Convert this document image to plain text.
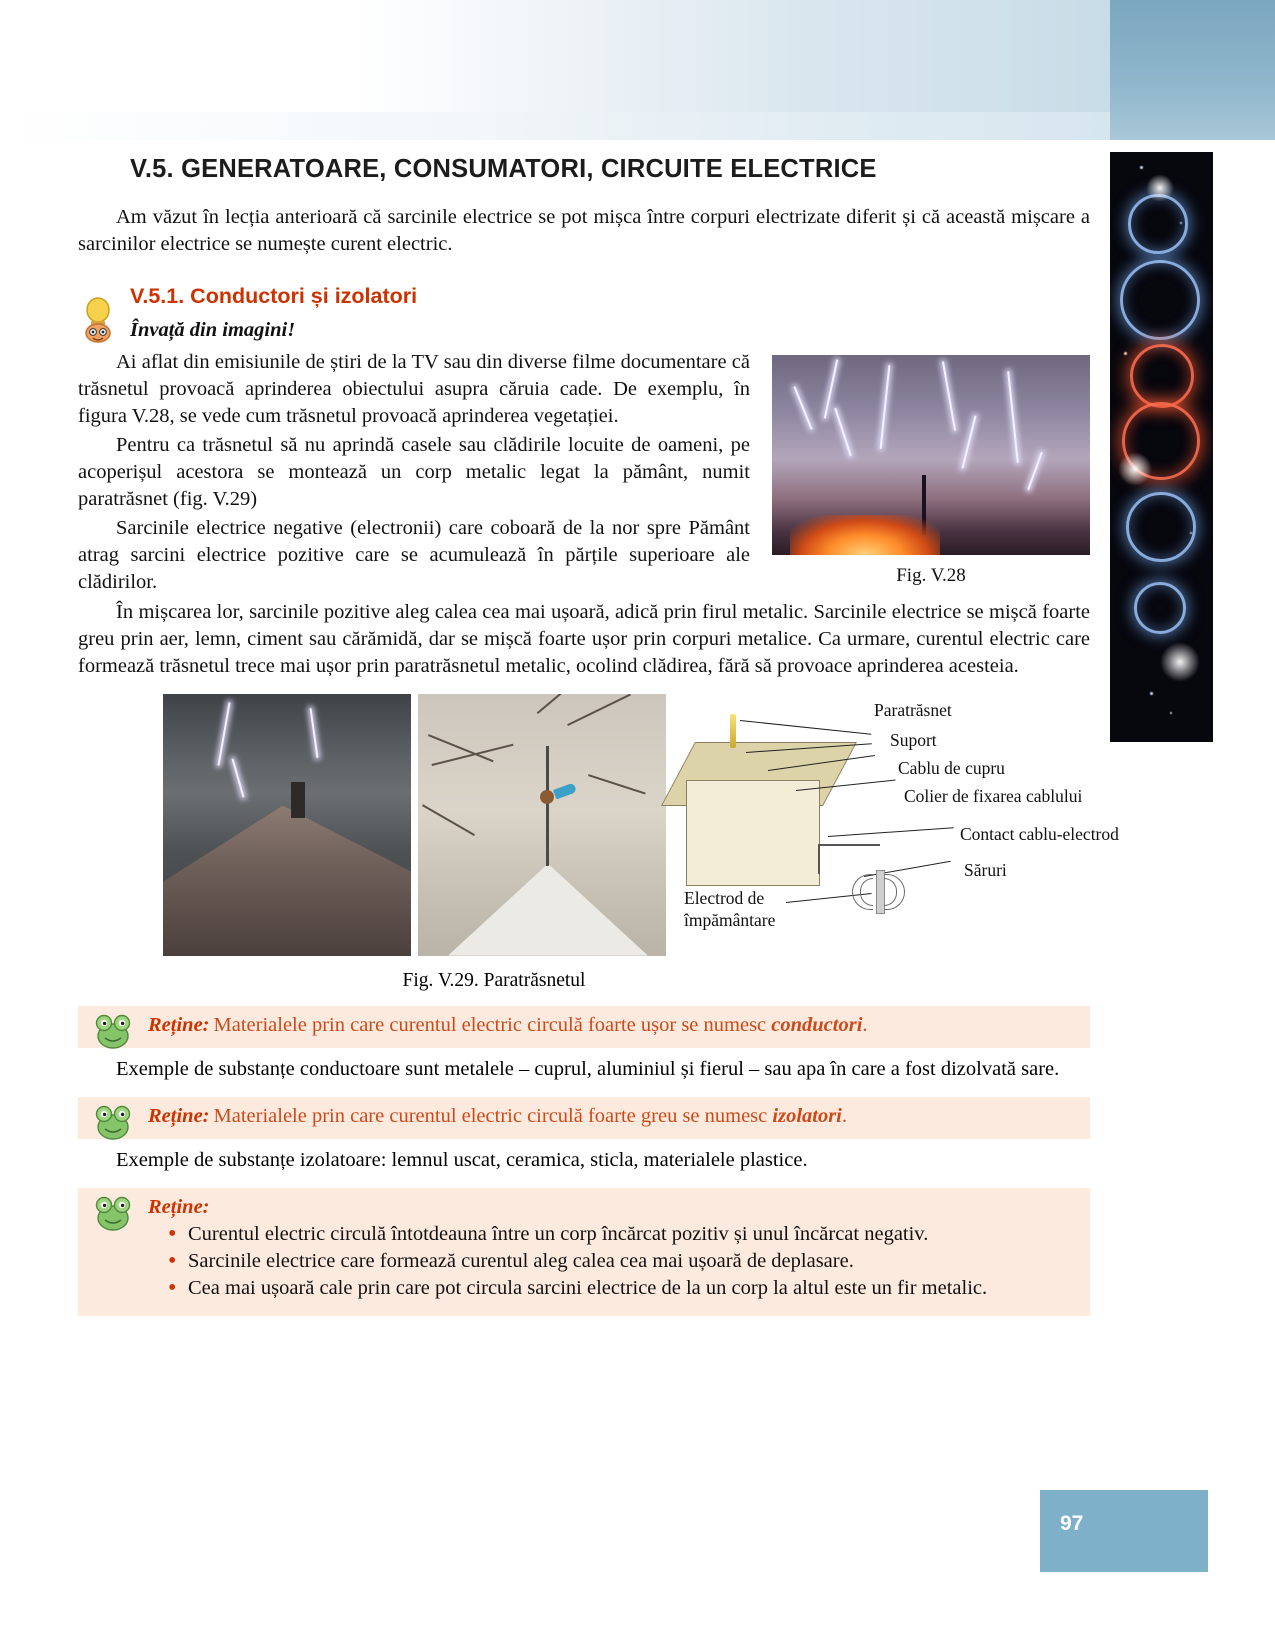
V.5. GENERATOARE, CONSUMATORI, CIRCUITE ELECTRICE

Am văzut în lecția anterioară că sarcinile electrice se pot mișca între corpuri electrizate diferit și că această mișcare a sarcinilor electrice se numește curent electric.

V.5.1. Conductori și izolatori
Învață din imagini!
Fig. V.28

Ai aflat din emisiunile de știri de la TV sau din diverse filme documentare că trăsnetul provoacă aprinderea obiectului asupra căruia cade. De exemplu, în figura V.28, se vede cum trăsnetul provoacă aprinderea vegetației.

Pentru ca trăsnetul să nu aprindă casele sau clădirile locuite de oameni, pe acoperișul acestora se montează un corp metalic legat la pământ, numit paratrăsnet (fig. V.29)

Sarcinile electrice negative (electronii) care coboară de la nor spre Pământ atrag sarcini electrice pozitive care se acumulează în părțile superioare ale clădirilor.

În mișcarea lor, sarcinile pozitive aleg calea cea mai ușoară, adică prin firul metalic. Sarcinile electrice se mișcă foarte greu prin aer, lemn, ciment sau cărămidă, dar se mișcă foarte ușor prin corpuri metalice. Ca urmare, curentul electric care formează trăsnetul trece mai ușor prin paratrăsnetul metalic, ocolind clădirea, fără să provoace aprinderea acesteia.

Paratrăsnet
Suport
Cablu de cupru
Colier de fixarea cablului
Contact cablu-electrod
Săruri
Electrod de
împământare
Fig. V.29. Paratrăsnetul
Reține: Materialele prin care curentul electric circulă foarte ușor se numesc conductori.

Exemple de substanțe conductoare sunt metalele – cuprul, aluminiul și fierul – sau apa în care a fost dizolvată sare.

Reține: Materialele prin care curentul electric circulă foarte greu se numesc izolatori.

Exemple de substanțe izolatoare: lemnul uscat, ceramica, sticla, materialele plastice.

Reține:
• Curentul electric circulă întotdeauna între un corp încărcat pozitiv și unul încărcat negativ.
• Sarcinile electrice care formează curentul aleg calea cea mai ușoară de deplasare.
• Cea mai ușoară cale prin care pot circula sarcini electrice de la un corp la altul este un fir metalic.
97
